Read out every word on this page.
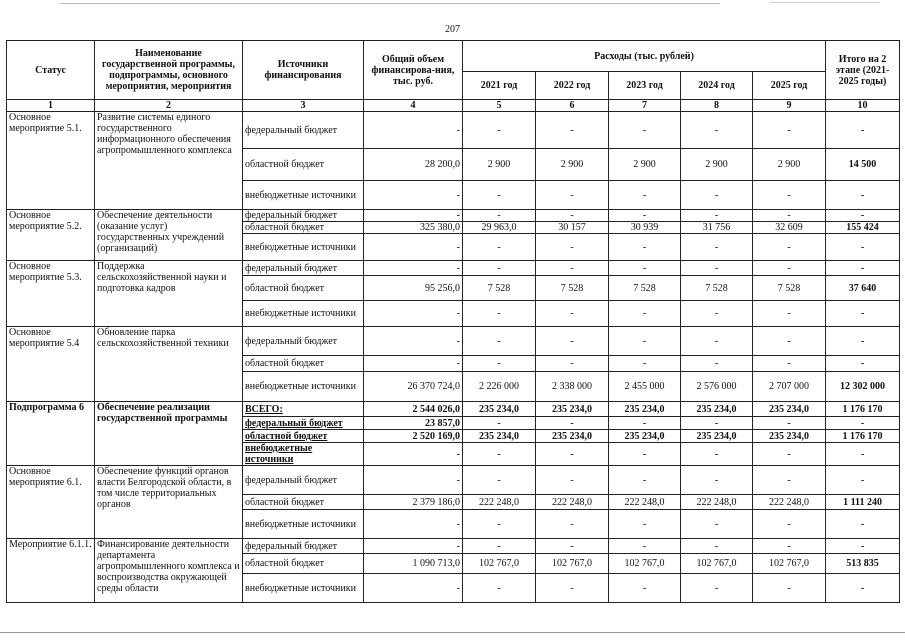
207
Статус	Наименование государственной программы, подпрограммы, основного мероприятия, мероприятия	Источники финансирования	Общий объем финансирова-ния, тыс. руб.	Расходы (тыс. рублей)					Итого на 2 этапе (2021-2025 годы)
				2021 год	2022 год	2023 год	2024 год	2025 год	
1	2	3	4	5	6	7	8	9	10
Основное мероприятие 5.1.	Развитие системы единого государственного информационного обеспечения агропромышленного комплекса	федеральный бюджет	-	-	-	-	-	-	-
		областной бюджет	28 200,0	2 900	2 900	2 900	2 900	2 900	14 500
		внебюджетные источники	-	-	-	-	-	-	-
Основное мероприятие 5.2.	Обеспечение деятельности (оказание услуг) государственных учреждений (организаций)	федеральный бюджет	-	-	-	-	-	-	-
		областной бюджет	325 380,0	29 963,0	30 157	30 939	31 756	32 609	155 424
		внебюджетные источники	-	-	-	-	-	-	-
Основное мероприятие 5.3.	Поддержка сельскохозяйственной науки и подготовка кадров	федеральный бюджет	-	-	-	-	-	-	-
		областной бюджет	95 256,0	7 528	7 528	7 528	7 528	7 528	37 640
		внебюджетные источники	-	-	-	-	-	-	-
Основное мероприятие 5.4	Обновление парка сельскохозяйственной техники	федеральный бюджет	-	-	-	-	-	-	-
		областной бюджет	-	-	-	-	-	-	-
		внебюджетные источники	26 370 724,0	2 226 000	2 338 000	2 455 000	2 576 000	2 707 000	12 302 000
Подпрограмма 6	Обеспечение реализации государственной программы	ВСЕГО:	2 544 026,0	235 234,0	235 234,0	235 234,0	235 234,0	235 234,0	1 176 170
		федеральный бюджет	23 857,0	-	-	-	-	-	-
		областной бюджет	2 520 169,0	235 234,0	235 234,0	235 234,0	235 234,0	235 234,0	1 176 170
		внебюджетные источники	-	-	-	-	-	-	-
Основное мероприятие 6.1.	Обеспечение функций органов власти Белгородской области, в том числе территориальных органов	федеральный бюджет	-	-	-	-	-	-	-
		областной бюджет	2 379 186,0	222 248,0	222 248,0	222 248,0	222 248,0	222 248,0	1 111 240
		внебюджетные источники	-	-	-	-	-	-	-
Мероприятие 6.1.1.	Финансирование деятельности департамента агропромышленного комплекса и воспроизводства окружающей среды области	федеральный бюджет	-	-	-	-	-	-	-
		областной бюджет	1 090 713,0	102 767,0	102 767,0	102 767,0	102 767,0	102 767,0	513 835
		внебюджетные источники	-	-	-	-	-	-	-
